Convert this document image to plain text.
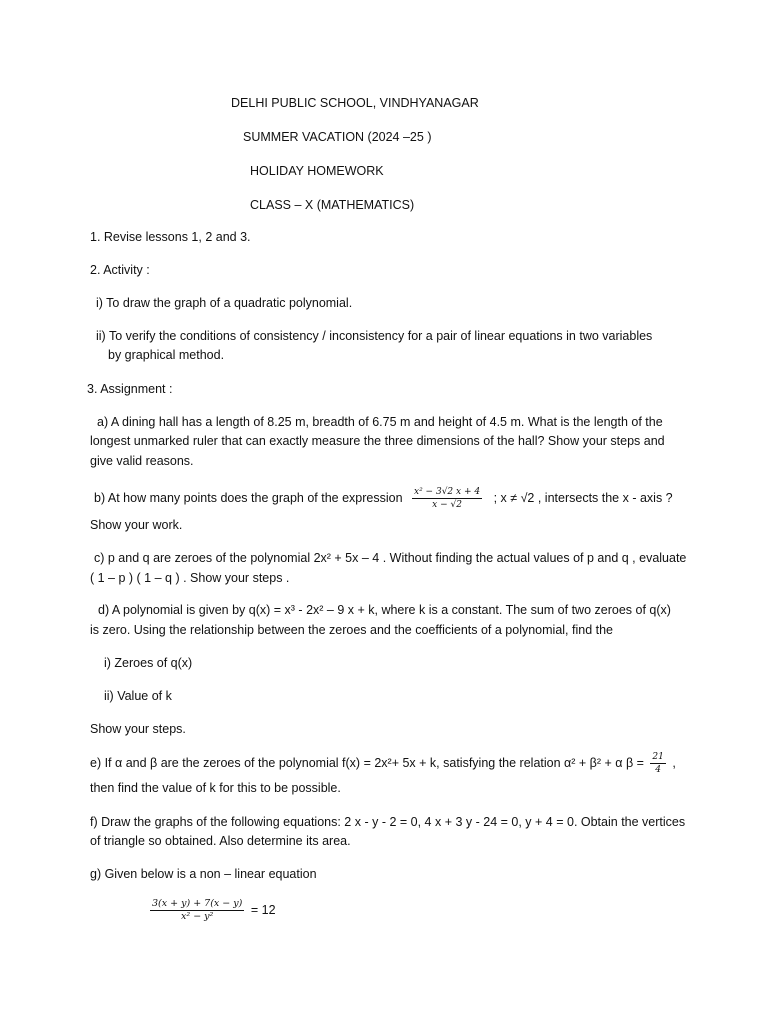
DELHI PUBLIC SCHOOL, VINDHYANAGAR
SUMMER VACATION (2024 –25 )
HOLIDAY HOMEWORK
CLASS – X (MATHEMATICS)
1. Revise lessons 1, 2 and 3.
2. Activity :
i) To draw the graph of a quadratic polynomial.
ii) To verify the conditions of consistency / inconsistency for a pair of linear equations in two variables
by graphical method.
3. Assignment :
a) A dining hall has a length of 8.25 m, breadth of 6.75 m and height of 4.5 m. What is the length of the
longest unmarked ruler that can exactly measure the three dimensions of the hall? Show your steps and
give valid reasons.
b) At how many points does the graph of the expression $\frac{\text{x² − 3√2 x + 4}}{x - √2}$ ; x ≠ √2 , intersects the x - axis ?
Show your work.
c) p and q are zeroes of the polynomial 2x² + 5x – 4 . Without finding the actual values of p and q , evaluate
( 1 – p ) ( 1 – q ) . Show your steps .
d) A polynomial is given by q(x) = x³ - 2x² – 9 x + k, where k is a constant. The sum of two zeroes of q(x)
is zero. Using the relationship between the zeroes and the coefficients of a polynomial, find the
i) Zeroes of q(x)
ii) Value of k
Show your steps.
e) If α and β are the zeroes of the polynomial f(x) = 2x²+ 5x + k, satisfying the relation α² + β² + α $\beta = \frac{21}{4}$ ,
then find the value of k for this to be possible.
f) Draw the graphs of the following equations: 2 x - y - 2 = 0, 4 x + 3 y - 24 = 0, y + 4 = 0. Obtain the vertices
of triangle so obtained. Also determine its area.
g) Given below is a non – linear equation
$\frac{3(x + y) + 7(x - y)}{\text{x² − y²}} = 12$
